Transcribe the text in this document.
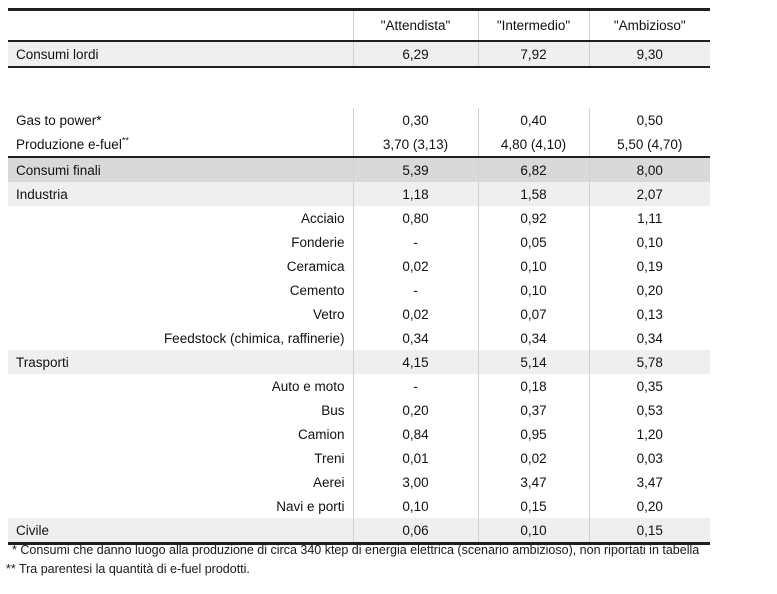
	"Attendista"	"Intermedio"	"Ambizioso"
Consumi lordi	6,29	7,92	9,30

Gas to power*	0,30	0,40	0,50
Produzione e-fuel**	3,70 (3,13)	4,80 (4,10)	5,50 (4,70)
Consumi finali	5,39	6,82	8,00
Industria	1,18	1,58	2,07
Acciaio	0,80	0,92	1,11
Fonderie	-	0,05	0,10
Ceramica	0,02	0,10	0,19
Cemento	-	0,10	0,20
Vetro	0,02	0,07	0,13
Feedstock (chimica, raffinerie)	0,34	0,34	0,34
Trasporti	4,15	5,14	5,78
Auto e moto	-	0,18	0,35
Bus	0,20	0,37	0,53
Camion	0,84	0,95	1,20
Treni	0,01	0,02	0,03
Aerei	3,00	3,47	3,47
Navi e porti	0,10	0,15	0,20
Civile	0,06	0,10	0,15
* Consumi che danno luogo alla produzione di circa 340 ktep di energia elettrica (scenario ambizioso), non riportati in tabella
** Tra parentesi la quantità di e-fuel prodotti.
